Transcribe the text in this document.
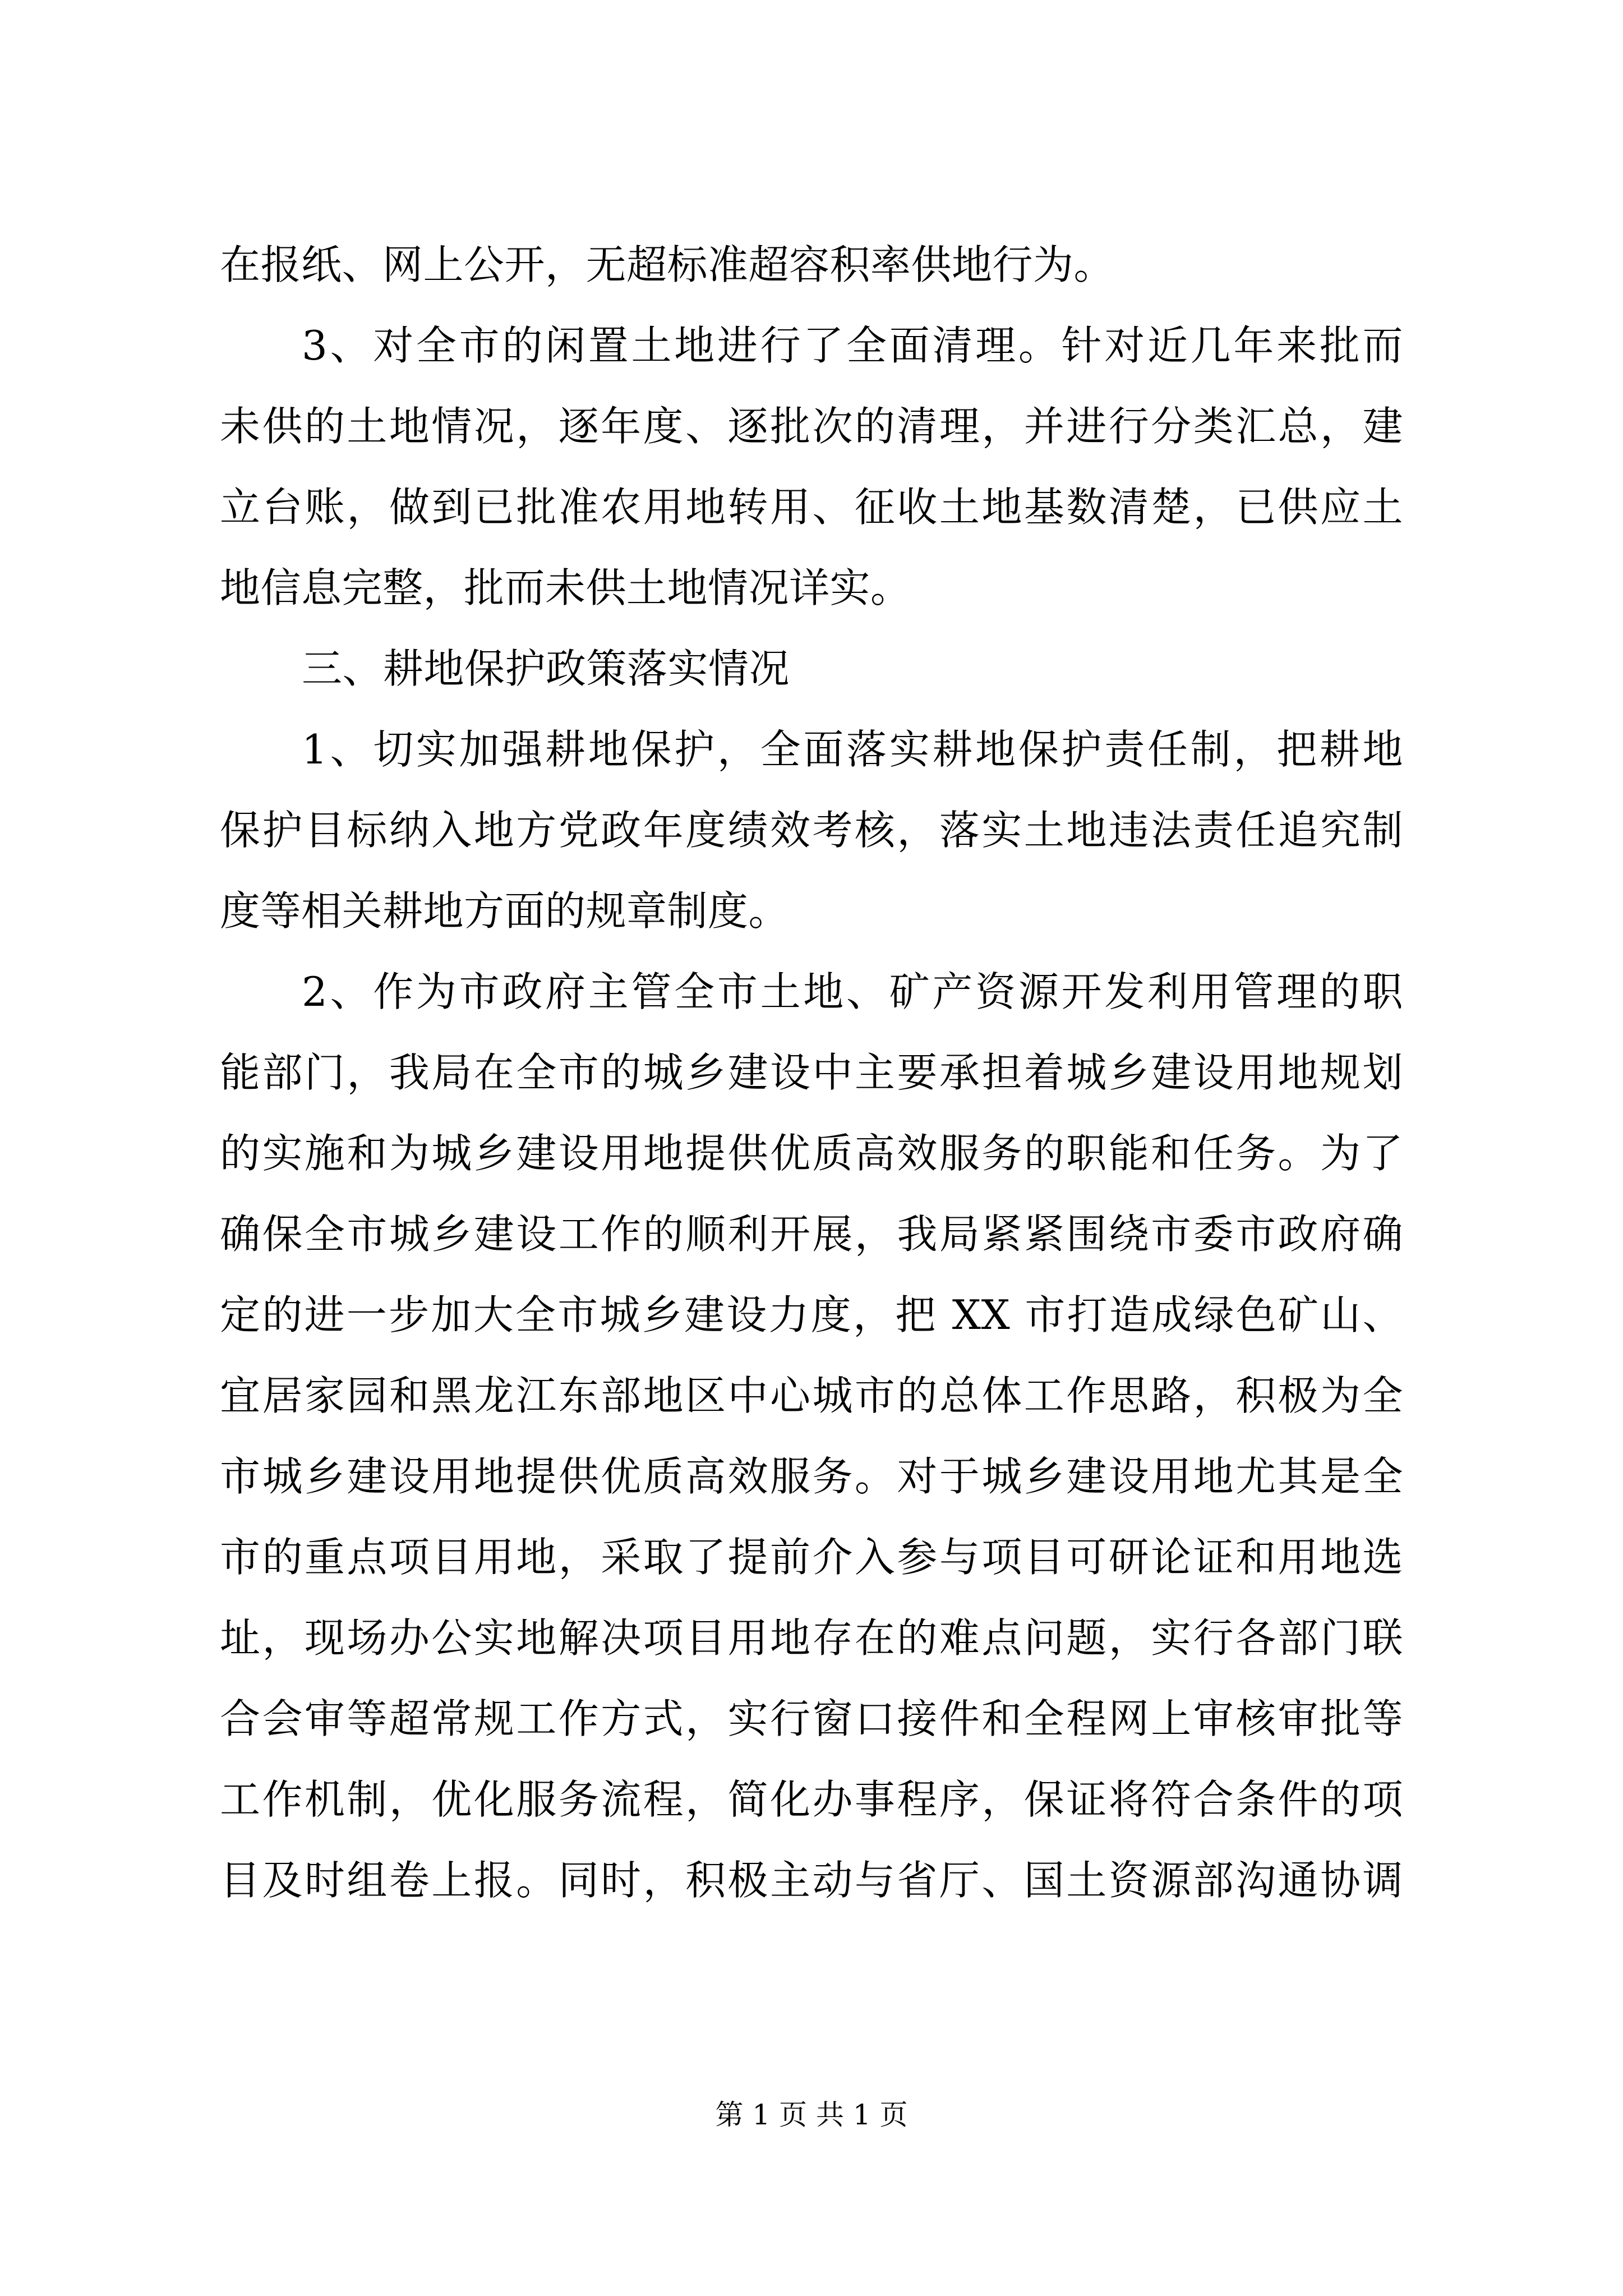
在报纸、网上公开，无超标准超容积率供地行为。
3、对全市的闲置土地进行了全面清理。针对近几年来批而
未供的土地情况，逐年度、逐批次的清理，并进行分类汇总，建
立台账，做到已批准农用地转用、征收土地基数清楚，已供应土
地信息完整，批而未供土地情况详实。
三、耕地保护政策落实情况
1、切实加强耕地保护，全面落实耕地保护责任制，把耕地
保护目标纳入地方党政年度绩效考核，落实土地违法责任追究制
度等相关耕地方面的规章制度。
2、作为市政府主管全市土地、矿产资源开发利用管理的职
能部门，我局在全市的城乡建设中主要承担着城乡建设用地规划
的实施和为城乡建设用地提供优质高效服务的职能和任务。为了
确保全市城乡建设工作的顺利开展，我局紧紧围绕市委市政府确
定的进一步加大全市城乡建设力度，把 XX 市打造成绿色矿山、
宜居家园和黑龙江东部地区中心城市的总体工作思路，积极为全
市城乡建设用地提供优质高效服务。对于城乡建设用地尤其是全
市的重点项目用地，采取了提前介入参与项目可研论证和用地选
址，现场办公实地解决项目用地存在的难点问题，实行各部门联
合会审等超常规工作方式，实行窗口接件和全程网上审核审批等
工作机制，优化服务流程，简化办事程序，保证将符合条件的项
目及时组卷上报。同时，积极主动与省厅、国土资源部沟通协调
第 1 页 共 1 页
